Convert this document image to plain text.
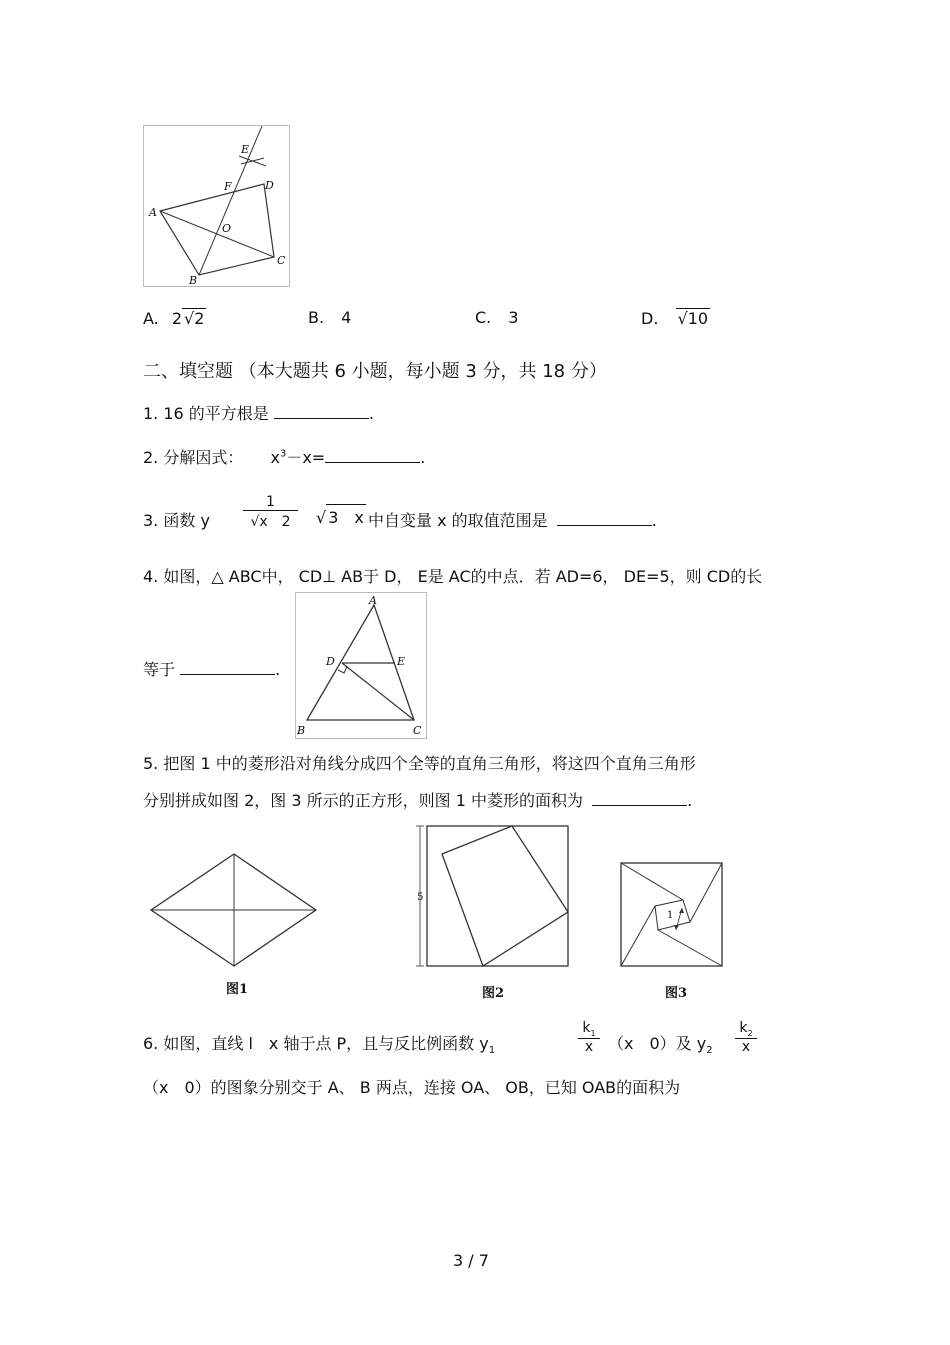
A
B
C
D
E
F
O
A. 2 √2	B. 4	C. 3	D. √10
二、填空题 （本大题共 6 小题，每小题 3 分，共 18 分）
1. 16 的平方根是	.
2. 分解因式： $x^3-x=$	.
3. 函数 y $\frac{1}{√x 2}$ √ 3　x 中自变量 x 的取值范围是	.
4. 如图，△ ABC中， CD⊥ AB于 D， E是 AC的中点．若 AD=6， DE=5，则 CD的长
等于	.
A
B	C
D	E
5. 把图 1 中的菱形沿对角线分成四个全等的直角三角形，将这四个直角三角形
分别拼成如图 2，图 3 所示的正方形，则图 1 中菱形的面积为	.
图1
5
图2
1
图3
6. 如图，直线 l　x 轴于点 P，且与反比例函数 $y_1$	$\frac{k_1}{x} (x$　0）及 $y_2 \frac{k_2}{x}$
（x　0）的图象分别交于 A、 B 两点，连接 OA、 OB，已知 OAB的面积为
3 / 7
